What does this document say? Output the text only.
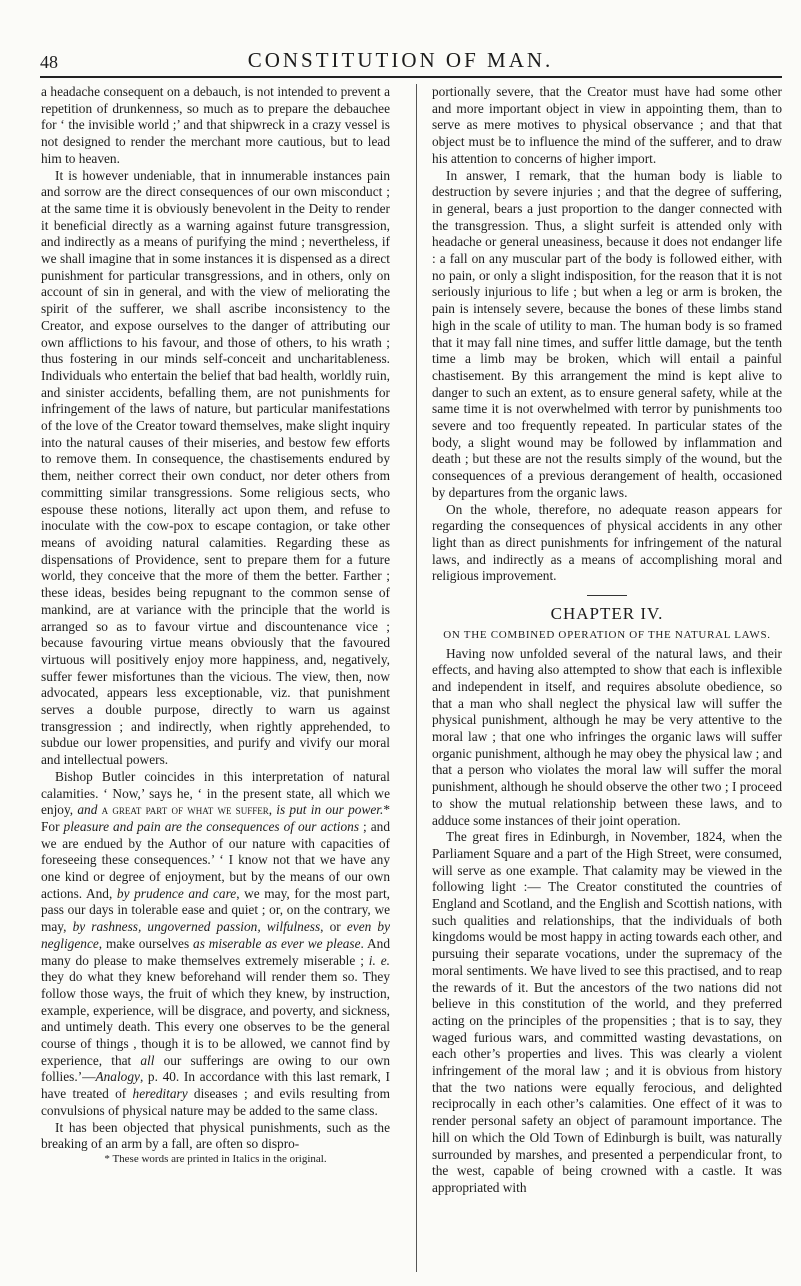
48	CONSTITUTION OF MAN.

a headache consequent on a debauch, is not intended to prevent a repetition of drunkenness, so much as to prepare the debauchee for ‘ the invisible world ;’ and that shipwreck in a crazy vessel is not designed to render the merchant more cautious, but to lead him to heaven.

It is however undeniable, that in innumerable instances pain and sorrow are the direct consequences of our own misconduct ; at the same time it is obviously benevolent in the Deity to render it beneficial directly as a warning against future transgression, and indirectly as a means of purifying the mind ; nevertheless, if we shall imagine that in some instances it is dispensed as a direct punishment for particular transgressions, and in others, only on account of sin in general, and with the view of meliorating the spirit of the sufferer, we shall ascribe inconsistency to the Creator, and expose ourselves to the danger of attributing our own afflictions to his favour, and those of others, to his wrath ; thus fostering in our minds self-conceit and uncharitableness. Individuals who entertain the belief that bad health, worldly ruin, and sinister accidents, befalling them, are not punishments for infringement of the laws of nature, but particular manifestations of the love of the Creator toward themselves, make slight inquiry into the natural causes of their miseries, and bestow few efforts to remove them. In consequence, the chastisements endured by them, neither correct their own conduct, nor deter others from committing similar transgressions. Some religious sects, who espouse these notions, literally act upon them, and refuse to inoculate with the cow-pox to escape contagion, or take other means of avoiding natural calamities. Regarding these as dispensations of Providence, sent to prepare them for a future world, they conceive that the more of them the better. Farther ; these ideas, besides being repugnant to the common sense of mankind, are at variance with the principle that the world is arranged so as to favour virtue and discountenance vice ; because favouring virtue means obviously that the favoured virtuous will positively enjoy more happiness, and, negatively, suffer fewer misfortunes than the vicious. The view, then, now advocated, appears less exceptionable, viz. that punishment serves a double purpose, directly to warn us against transgression ; and indirectly, when rightly apprehended, to subdue our lower propensities, and purify and vivify our moral and intellectual powers.

Bishop Butler coincides in this interpretation of natural calamities. ‘ Now,’ says he, ‘ in the present state, all which we enjoy, and a great part of what we suffer, is put in our power.* For pleasure and pain are the consequences of our actions ; and we are endued by the Author of our nature with capacities of foreseeing these consequences.’ ‘ I know not that we have any one kind or degree of enjoyment, but by the means of our own actions. And, by prudence and care, we may, for the most part, pass our days in tolerable ease and quiet ; or, on the contrary, we may, by rashness, ungoverned passion, wilfulness, or even by negligence, make ourselves as miserable as ever we please. And many do please to make themselves extremely miserable ; i. e. they do what they knew beforehand will render them so. They follow those ways, the fruit of which they knew, by instruction, example, experience, will be disgrace, and poverty, and sickness, and untimely death. This every one observes to be the general course of things , though it is to be allowed, we cannot find by experience, that all our sufferings are owing to our own follies.’—Analogy, p. 40. In accordance with this last remark, I have treated of hereditary diseases ; and evils resulting from convulsions of physical nature may be added to the same class.

It has been objected that physical punishments, such as the breaking of an arm by a fall, are often so dispro-

* These words are printed in Italics in the original.

portionally severe, that the Creator must have had some other and more important object in view in appointing them, than to serve as mere motives to physical observance ; and that that object must be to influence the mind of the sufferer, and to draw his attention to concerns of higher import.

In answer, I remark, that the human body is liable to destruction by severe injuries ; and that the degree of suffering, in general, bears a just proportion to the danger connected with the transgression. Thus, a slight surfeit is attended only with headache or general uneasiness, because it does not endanger life : a fall on any muscular part of the body is followed either, with no pain, or only a slight indisposition, for the reason that it is not seriously injurious to life ; but when a leg or arm is broken, the pain is intensely severe, because the bones of these limbs stand high in the scale of utility to man. The human body is so framed that it may fall nine times, and suffer little damage, but the tenth time a limb may be broken, which will entail a painful chastisement. By this arrangement the mind is kept alive to danger to such an extent, as to ensure general safety, while at the same time it is not overwhelmed with terror by punishments too severe and too frequently repeated. In particular states of the body, a slight wound may be followed by inflammation and death ; but these are not the results simply of the wound, but the consequences of a previous derangement of health, occasioned by departures from the organic laws.

On the whole, therefore, no adequate reason appears for regarding the consequences of physical accidents in any other light than as direct punishments for infringement of the natural laws, and indirectly as a means of accomplishing moral and religious improvement.

CHAPTER IV.
ON THE COMBINED OPERATION OF THE NATURAL LAWS.

Having now unfolded several of the natural laws, and their effects, and having also attempted to show that each is inflexible and independent in itself, and requires absolute obedience, so that a man who shall neglect the physical law will suffer the physical punishment, although he may be very attentive to the moral law ; that one who infringes the organic laws will suffer organic punishment, although he may obey the physical law ; and that a person who violates the moral law will suffer the moral punishment, although he should observe the other two ; I proceed to show the mutual relationship between these laws, and to adduce some instances of their joint operation.

The great fires in Edinburgh, in November, 1824, when the Parliament Square and a part of the High Street, were consumed, will serve as one example. That calamity may be viewed in the following light :— The Creator constituted the countries of England and Scotland, and the English and Scottish nations, with such qualities and relationships, that the individuals of both kingdoms would be most happy in acting towards each other, and pursuing their separate vocations, under the supremacy of the moral sentiments. We have lived to see this practised, and to reap the rewards of it. But the ancestors of the two nations did not believe in this constitution of the world, and they preferred acting on the principles of the propensities ; that is to say, they waged furious wars, and committed wasting devastations, on each other’s properties and lives. This was clearly a violent infringement of the moral law ; and it is obvious from history that the two nations were equally ferocious, and delighted reciprocally in each other’s calamities. One effect of it was to render personal safety an object of paramount importance. The hill on which the Old Town of Edinburgh is built, was naturally surrounded by marshes, and presented a perpendicular front, to the west, capable of being crowned with a castle. It was appropriated with
